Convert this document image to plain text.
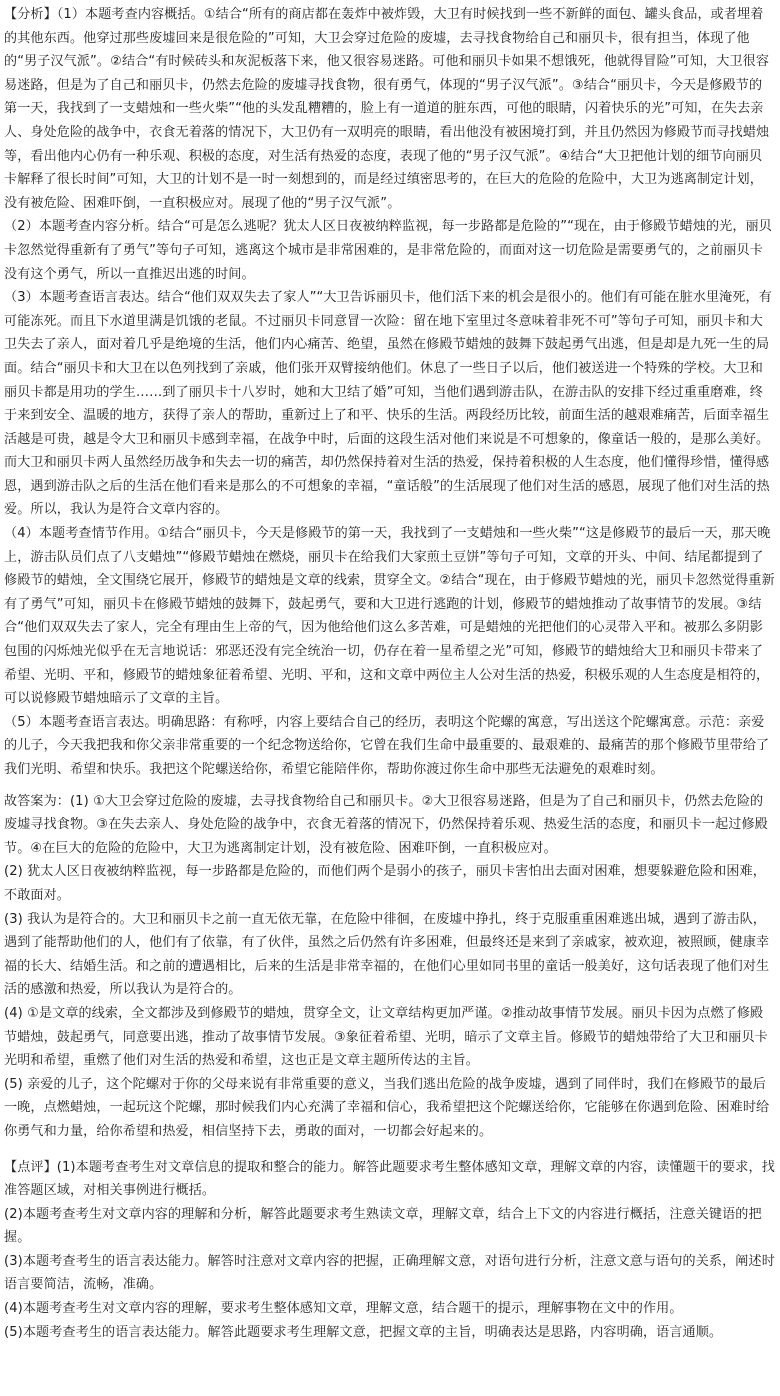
【分析】（1）本题考查内容概括。①结合“所有的商店都在轰炸中被炸毁，大卫有时候找到一些不新鲜的面包、罐头食品，或者埋着的其他东西。他穿过那些废墟回来是很危险的”可知，大卫会穿过危险的废墟，去寻找食物给自己和丽贝卡，很有担当，体现了他的“男子汉气派”。②结合“有时候砖头和灰泥板落下来，他又很容易迷路。可他和丽贝卡如果不想饿死，他就得冒险”可知，大卫很容易迷路，但是为了自己和丽贝卡，仍然去危险的废墟寻找食物，很有勇气，体现的“男子汉气派”。③结合“丽贝卡，今天是修殿节的第一天，我找到了一支蜡烛和一些火柴”“他的头发乱糟糟的，脸上有一道道的脏东西，可他的眼睛，闪着快乐的光”可知，在失去亲人、身处危险的战争中，衣食无着落的情况下，大卫仍有一双明亮的眼睛，看出他没有被困境打到，并且仍然因为修殿节而寻找蜡烛等，看出他内心仍有一种乐观、积极的态度，对生活有热爱的态度，表现了他的“男子汉气派”。④结合“大卫把他计划的细节向丽贝卡解释了很长时间”可知，大卫的计划不是一时一刻想到的，而是经过缜密思考的，在巨大的危险的危险中，大卫为逃离制定计划，没有被危险、困难吓倒，一直积极应对。展现了他的“男子汉气派”。

（2）本题考查内容分析。结合“可是怎么逃呢？犹太人区日夜被纳粹监视，每一步路都是危险的”“现在，由于修殿节蜡烛的光，丽贝卡忽然觉得重新有了勇气”等句子可知，逃离这个城市是非常困难的，是非常危险的，而面对这一切危险是需要勇气的，之前丽贝卡没有这个勇气，所以一直推迟出逃的时间。

（3）本题考查语言表达。结合“他们双双失去了家人”“大卫告诉丽贝卡，他们活下来的机会是很小的。他们有可能在脏水里淹死，有可能冻死。而且下水道里满是饥饿的老鼠。不过丽贝卡同意冒一次险：留在地下室里过冬意味着非死不可”等句子可知，丽贝卡和大卫失去了亲人，面对着几乎是绝境的生活，他们内心痛苦、绝望，虽然在修殿节蜡烛的鼓舞下鼓起勇气出逃，但是却是九死一生的局面。结合“丽贝卡和大卫在以色列找到了亲戚，他们张开双臂接纳他们。休息了一些日子以后，他们被送进一个特殊的学校。大卫和丽贝卡都是用功的学生……到了丽贝卡十八岁时，她和大卫结了婚”可知，当他们遇到游击队，在游击队的安排下经过重重磨难，终于来到安全、温暖的地方，获得了亲人的帮助，重新过上了和平、快乐的生活。两段经历比较，前面生活的越艰难痛苦，后面幸福生活越是可贵，越是令大卫和丽贝卡感到幸福，在战争中时，后面的这段生活对他们来说是不可想象的，像童话一般的，是那么美好。而大卫和丽贝卡两人虽然经历战争和失去一切的痛苦，却仍然保持着对生活的热爱，保持着积极的人生态度，他们懂得珍惜，懂得感恩，遇到游击队之后的生活在他们看来是那么的不可想象的幸福，“童话般”的生活展现了他们对生活的感恩，展现了他们对生活的热爱。所以，我认为是符合文章内容的。

（4）本题考查情节作用。①结合“丽贝卡，今天是修殿节的第一天，我找到了一支蜡烛和一些火柴”“这是修殿节的最后一天，那天晚上，游击队员们点了八支蜡烛”“修殿节蜡烛在燃烧，丽贝卡在给我们大家煎土豆饼”等句子可知，文章的开头、中间、结尾都提到了修殿节的蜡烛，全文围绕它展开，修殿节的蜡烛是文章的线索，贯穿全文。②结合“现在，由于修殿节蜡烛的光，丽贝卡忽然觉得重新有了勇气”可知，丽贝卡在修殿节蜡烛的鼓舞下，鼓起勇气，要和大卫进行逃跑的计划，修殿节的蜡烛推动了故事情节的发展。③结合“他们双双失去了家人，完全有理由生上帝的气，因为他给他们这么多苦难，可是蜡烛的光把他们的心灵带入平和。被那么多阴影包围的闪烁烛光似乎在无言地说话：邪恶还没有完全统治一切，仍存在着一星希望之光”可知，修殿节的蜡烛给大卫和丽贝卡带来了希望、光明、平和，修殿节的蜡烛象征着希望、光明、平和，这和文章中两位主人公对生活的热爱，积极乐观的人生态度是相符的，可以说修殿节蜡烛暗示了文章的主旨。

（5）本题考查语言表达。明确思路：有称呼，内容上要结合自己的经历，表明这个陀螺的寓意，写出送这个陀螺寓意。示范：亲爱的儿子，今天我把我和你父亲非常重要的一个纪念物送给你，它曾在我们生命中最重要的、最艰难的、最痛苦的那个修殿节里带给了我们光明、希望和快乐。我把这个陀螺送给你，希望它能陪伴你，帮助你渡过你生命中那些无法避免的艰难时刻。

故答案为：(1) ①大卫会穿过危险的废墟，去寻找食物给自己和丽贝卡。②大卫很容易迷路，但是为了自己和丽贝卡，仍然去危险的废墟寻找食物。③在失去亲人、身处危险的战争中，衣食无着落的情况下，仍然保持着乐观、热爱生活的态度，和丽贝卡一起过修殿节。④在巨大的危险的危险中，大卫为逃离制定计划，没有被危险、困难吓倒，一直积极应对。

(2) 犹太人区日夜被纳粹监视，每一步路都是危险的，而他们两个是弱小的孩子，丽贝卡害怕出去面对困难，想要躲避危险和困难，不敢面对。

(3) 我认为是符合的。大卫和丽贝卡之前一直无依无靠，在危险中徘徊，在废墟中挣扎，终于克服重重困难逃出城，遇到了游击队，遇到了能帮助他们的人，他们有了依靠，有了伙伴，虽然之后仍然有许多困难，但最终还是来到了亲戚家，被欢迎，被照顾，健康幸福的长大、结婚生活。和之前的遭遇相比，后来的生活是非常幸福的，在他们心里如同书里的童话一般美好，这句话表现了他们对生活的感激和热爱，所以我认为是符合的。

(4) ①是文章的线索，全文都涉及到修殿节的蜡烛，贯穿全文，让文章结构更加严谨。②推动故事情节发展。丽贝卡因为点燃了修殿节蜡烛，鼓起勇气，同意要出逃，推动了故事情节发展。③象征着希望、光明，暗示了文章主旨。修殿节的蜡烛带给了大卫和丽贝卡光明和希望，重燃了他们对生活的热爱和希望，这也正是文章主题所传达的主旨。

(5) 亲爱的儿子，这个陀螺对于你的父母来说有非常重要的意义，当我们逃出危险的战争废墟，遇到了同伴时，我们在修殿节的最后一晚，点燃蜡烛，一起玩这个陀螺，那时候我们内心充满了幸福和信心，我希望把这个陀螺送给你，它能够在你遇到危险、困难时给你勇气和力量，给你希望和热爱，相信坚持下去，勇敢的面对，一切都会好起来的。

【点评】(1)本题考查考生对文章信息的提取和整合的能力。解答此题要求考生整体感知文章，理解文章的内容，读懂题干的要求，找准答题区域，对相关事例进行概括。

(2)本题考查考生对文章内容的理解和分析，解答此题要求考生熟读文章，理解文章，结合上下文的内容进行概括，注意关键语的把握。

(3)本题考查考生的语言表达能力。解答时注意对文章内容的把握，正确理解文意，对语句进行分析，注意文意与语句的关系，阐述时语言要简洁，流畅，准确。

(4)本题考查考生对文章内容的理解，要求考生整体感知文章，理解文意，结合题干的提示，理解事物在文中的作用。

(5)本题考查考生的语言表达能力。解答此题要求考生理解文意，把握文章的主旨，明确表达是思路，内容明确，语言通顺。
